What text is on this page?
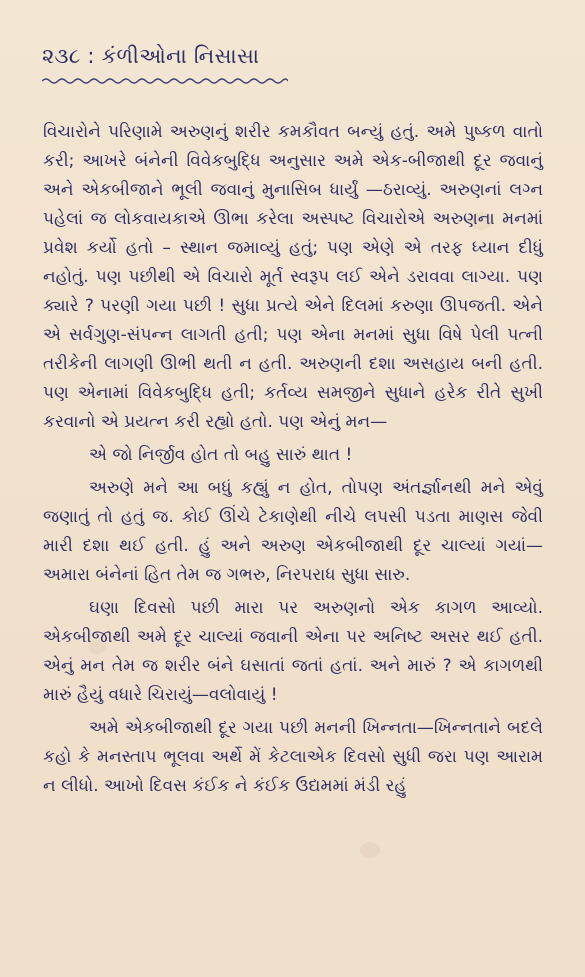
૨૩૮ : કંળીઓના નિસાસા

વિચારોને પરિણામે અરુણનું શરીર કમકૌવત બન્યું હતું. અમે પુષ્કળ વાતો કરી; આખરે બંનેની વિવેકબુદ્ધિ અનુસાર અમે એક-બીજાથી દૂર જવાનું અને એકબીજાને ભૂલી જવાનું મુનાસિબ ધાર્યું —ઠરાવ્યું. અરુણનાં લગ્ન પહેલાં જ લોકવાયકાએ ઊભા કરેલા અસ્પષ્ટ વિચારોએ અરુણના મનમાં પ્રવેશ કર્યો હતો – સ્થાન જમાવ્યું હતું; પણ એણે એ તરફ ધ્યાન દીધું નહોતું. પણ પછીથી એ વિચારો મૂર્ત સ્વરૂપ લઈ એને ડરાવવા લાગ્યા. પણ ક્યારે ? પરણી ગયા પછી ! સુધા પ્રત્યે એને દિલમાં કરુણા ઊપજતી. એને એ સર્વગુણ-સંપન્ન લાગતી હતી; પણ એના મનમાં સુધા વિષે પેલી પત્ની તરીકેની લાગણી ઊભી થતી ન હતી. અરુણની દશા અસહાય બની હતી. પણ એનામાં વિવેકબુદ્ધિ હતી; કર્તવ્ય સમજીને સુધાને હરેક રીતે સુખી કરવાનો એ પ્રયત્ન કરી રહ્યો હતો. પણ એનું મન—

એ જો નિર્જીવ હોત તો બહુ સારું થાત !

અરુણે મને આ બધું કહ્યું ન હોત, તોપણ અંતર્જ્ઞાનથી મને એવું જણાતું તો હતું જ. કોઈ ઊંચે ટેકાણેથી નીચે લપસી પડતા માણસ જેવી મારી દશા થઈ હતી. હું અને અરુણ એકબીજાથી દૂર ચાલ્યાં ગયાં—અમારા બંનેનાં હિત તેમ જ ગભરુ, નિરપરાધ સુધા સારુ.

ઘણા દિવસો પછી મારા પર અરુણનો એક કાગળ આવ્યો. એકબીજાથી અમે દૂર ચાલ્યાં જવાની એના પર અનિષ્ટ અસર થઈ હતી. એનું મન તેમ જ શરીર બંને ઘસાતાં જતાં હતાં. અને મારું ? એ કાગળથી મારું હૈયું વધારે ચિરાયું—વલોવાયું !

અમે એકબીજાથી દૂર ગયા પછી મનની ખિન્નતા—ખિન્નતાને બદલે કહો કે મનસ્તાપ ભૂલવા અર્થે મેં કેટલાએક દિવસો સુધી જરા પણ આરામ ન લીધો. આખો દિવસ કંઈક ને કંઈક ઉદ્યમમાં મંડી રહું
